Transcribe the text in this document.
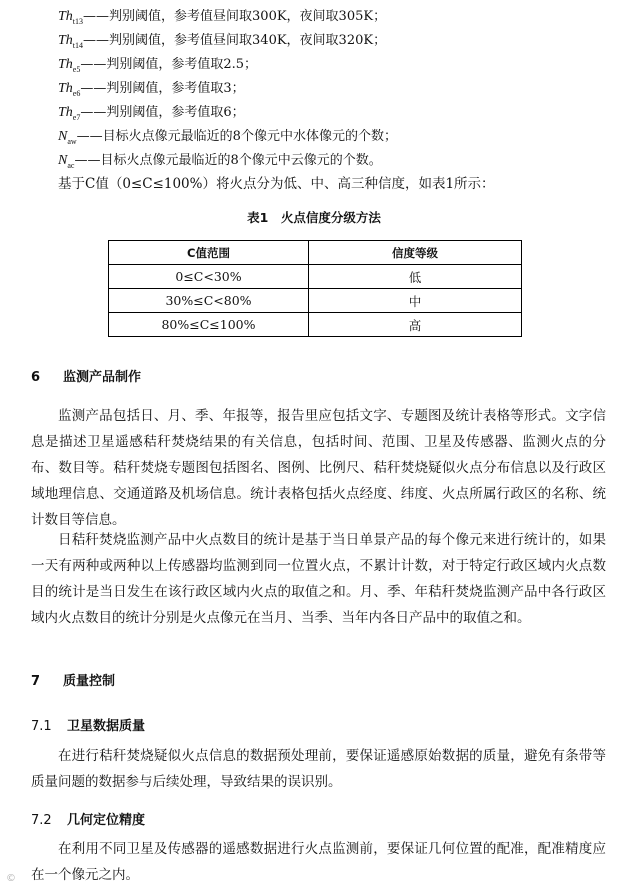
$Th_{t13}——$判别阈值，参考值昼间取300K，夜间取305K；
$Th_{t14}——$判别阈值，参考值昼间取340K，夜间取320K；
$Th_{e5}——$判别阈值，参考值取2.5；
$Th_{e6}——$判别阈值，参考值取3；
$Th_{e7}——$判别阈值，参考值取6；
$N_{aw}——$目标火点像元最临近的8个像元中水体像元的个数；
$N_{ac}——$目标火点像元最临近的8个像元中云像元的个数。
基于C值（0≤C≤100%）将火点分为低、中、高三种信度，如表1所示：
表1　火点信度分级方法
C值范围	信度等级
0≤C<30%	低
30%≤C<80%	中
80%≤C≤100%	高
6 监测产品制作
监测产品包括日、月、季、年报等，报告里应包括文字、专题图及统计表格等形式。文字信息是描述卫星遥感秸秆焚烧结果的有关信息，包括时间、范围、卫星及传感器、监测火点的分布、数目等。秸秆焚烧专题图包括图名、图例、比例尺、秸秆焚烧疑似火点分布信息以及行政区域地理信息、交通道路及机场信息。统计表格包括火点经度、纬度、火点所属行政区的名称、统计数目等信息。
日秸秆焚烧监测产品中火点数目的统计是基于当日单景产品的每个像元来进行统计的，如果一天有两种或两种以上传感器均监测到同一位置火点，不累计计数，对于特定行政区域内火点数目的统计是当日发生在该行政区域内火点的取值之和。月、季、年秸秆焚烧监测产品中各行政区域内火点数目的统计分别是火点像元在当月、当季、当年内各日产品中的取值之和。
7 质量控制
7.1 卫星数据质量
在进行秸秆焚烧疑似火点信息的数据预处理前，要保证遥感原始数据的质量，避免有条带等质量问题的数据参与后续处理，导致结果的误识别。
7.2 几何定位精度
在利用不同卫星及传感器的遥感数据进行火点监测前，要保证几何位置的配准，配准精度应在一个像元之内。
©
